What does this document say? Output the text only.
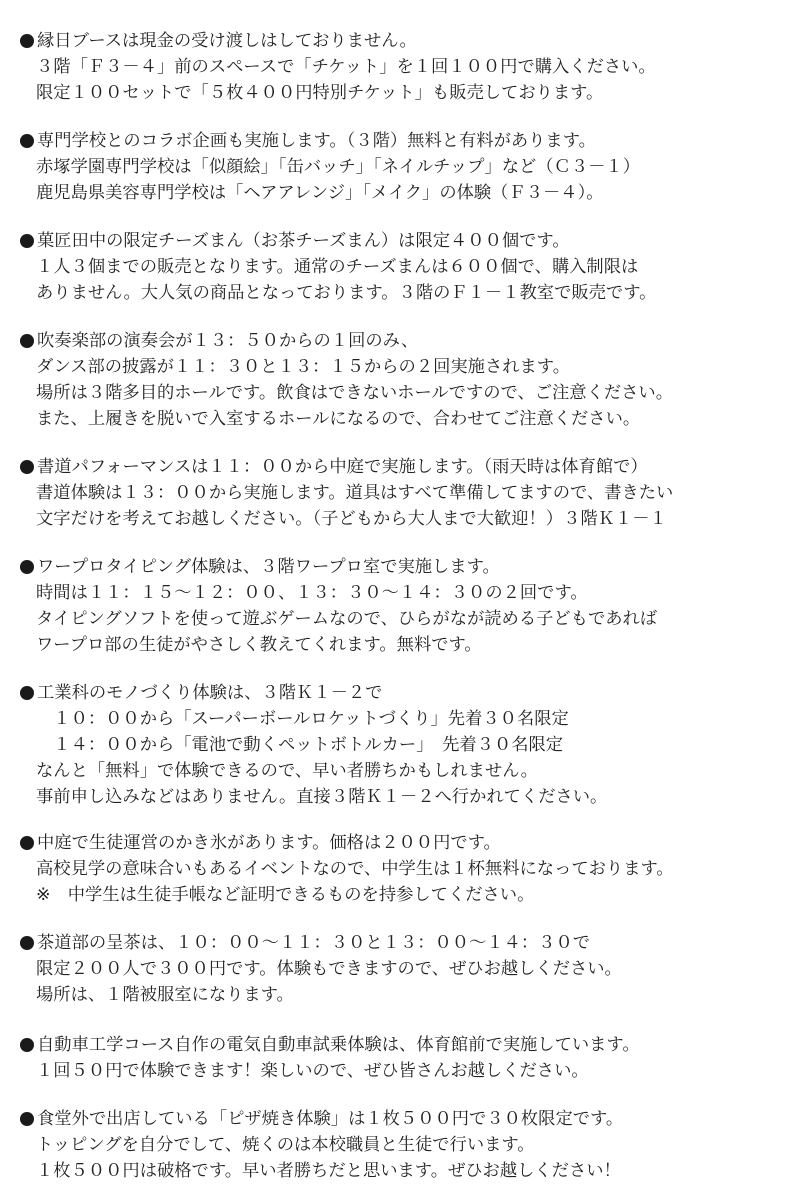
縁日ブースは現金の受け渡しはしておりません。
３階「Ｆ３－４」前のスペースで「チケット」を１回１００円で購入ください。
限定１００セットで「５枚４００円特別チケット」も販売しております。
専門学校とのコラボ企画も実施します。（３階）無料と有料があります。
赤塚学園専門学校は「似顔絵」「缶バッチ」「ネイルチップ」など（Ｃ３－１）
鹿児島県美容専門学校は「ヘアアレンジ」「メイク」の体験（Ｆ３－４）。
菓匠田中の限定チーズまん（お茶チーズまん）は限定４００個です。
１人３個までの販売となります。通常のチーズまんは６００個で、購入制限は
ありません。大人気の商品となっております。３階のＦ１－１教室で販売です。
吹奏楽部の演奏会が１３：５０からの１回のみ、
ダンス部の披露が１１：３０と１３：１５からの２回実施されます。
場所は３階多目的ホールです。飲食はできないホールですので、ご注意ください。
また、上履きを脱いで入室するホールになるので、合わせてご注意ください。
書道パフォーマンスは１１：００から中庭で実施します。（雨天時は体育館で）
書道体験は１３：００から実施します。道具はすべて準備してますので、書きたい
文字だけを考えてお越しください。（子どもから大人まで大歓迎！）３階Ｋ１－１
ワープロタイピング体験は、３階ワープロ室で実施します。
時間は１１：１５～１２：００、１３：３０～１４：３０の２回です。
タイピングソフトを使って遊ぶゲームなので、ひらがなが読める子どもであれば
ワープロ部の生徒がやさしく教えてくれます。無料です。
工業科のモノづくり体験は、３階Ｋ１－２で
　１０：００から「スーパーボールロケットづくり」先着３０名限定
　１４：００から「電池で動くペットボトルカー」　先着３０名限定
なんと「無料」で体験できるので、早い者勝ちかもしれません。
事前申し込みなどはありません。直接３階Ｋ１－２へ行かれてください。
中庭で生徒運営のかき氷があります。価格は２００円です。
高校見学の意味合いもあるイベントなので、中学生は１杯無料になっております。
※　中学生は生徒手帳など証明できるものを持参してください。
茶道部の呈茶は、１０：００～１１：３０と１３：００～１４：３０で
限定２００人で３００円です。体験もできますので、ぜひお越しください。
場所は、１階被服室になります。
自動車工学コース自作の電気自動車試乗体験は、体育館前で実施しています。
１回５０円で体験できます！楽しいので、ぜひ皆さんお越しください。
食堂外で出店している「ピザ焼き体験」は１枚５００円で３０枚限定です。
トッピングを自分でして、焼くのは本校職員と生徒で行います。
１枚５００円は破格です。早い者勝ちだと思います。ぜひお越しください！
